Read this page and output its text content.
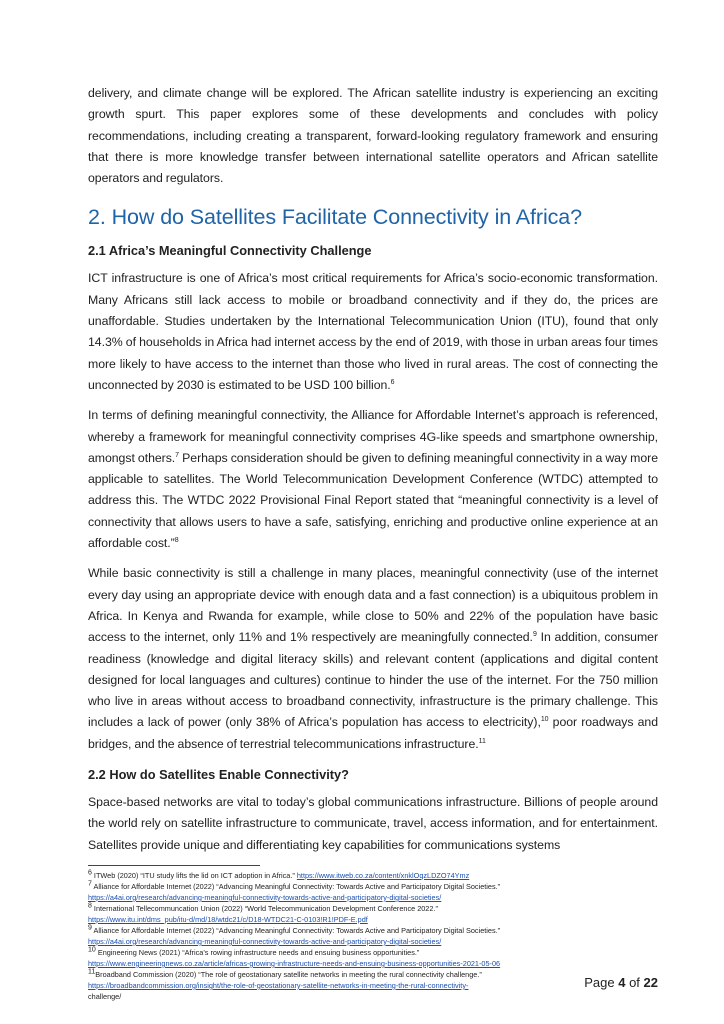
delivery, and climate change will be explored. The African satellite industry is experiencing an exciting growth spurt. This paper explores some of these developments and concludes with policy recommendations, including creating a transparent, forward-looking regulatory framework and ensuring that there is more knowledge transfer between international satellite operators and African satellite operators and regulators.

2. How do Satellites Facilitate Connectivity in Africa?
2.1 Africa’s Meaningful Connectivity Challenge

ICT infrastructure is one of Africa’s most critical requirements for Africa’s socio-economic transformation. Many Africans still lack access to mobile or broadband connectivity and if they do, the prices are unaffordable. Studies undertaken by the International Telecommunication Union (ITU), found that only 14.3% of households in Africa had internet access by the end of 2019, with those in urban areas four times more likely to have access to the internet than those who lived in rural areas. The cost of connecting the unconnected by 2030 is estimated to be USD 100 billion.$^6$

In terms of defining meaningful connectivity, the Alliance for Affordable Internet’s approach is referenced, whereby a framework for meaningful connectivity comprises 4G-like speeds and smartphone ownership, amongst others.$^7$ Perhaps consideration should be given to defining meaningful connectivity in a way more applicable to satellites. The World Telecommunication Development Conference (WTDC) attempted to address this. The WTDC 2022 Provisional Final Report stated that “meaningful connectivity is a level of connectivity that allows users to have a safe, satisfying, enriching and productive online experience at an affordable cost.”$^8$

While basic connectivity is still a challenge in many places, meaningful connectivity (use of the internet every day using an appropriate device with enough data and a fast connection) is a ubiquitous problem in Africa. In Kenya and Rwanda for example, while close to 50% and 22% of the population have basic access to the internet, only 11% and 1% respectively are meaningfully connected.$^9$ In addition, consumer readiness (knowledge and digital literacy skills) and relevant content (applications and digital content designed for local languages and cultures) continue to hinder the use of the internet. For the 750 million who live in areas without access to broadband connectivity, infrastructure is the primary challenge. This includes a lack of power (only 38% of Africa’s population has access to electricity),$^{10}$ poor roadways and bridges, and the absence of terrestrial telecommunications infrastructure.$^{11}$

2.2 How do Satellites Enable Connectivity?

Space-based networks are vital to today’s global communications infrastructure. Billions of people around the world rely on satellite infrastructure to communicate, travel, access information, and for entertainment. Satellites provide unique and differentiating key capabilities for communications systems

$^6$ ITWeb (2020) “ITU study lifts the lid on ICT adoption in Africa.” https://www.itweb.co.za/content/xnklOqzLDZO74Ymz
$^7$ Alliance for Affordable Internet (2022) “Advancing Meaningful Connectivity: Towards Active and Participatory Digital Societies.”
https://a4ai.org/research/advancing-meaningful-connectivity-towards-active-and-participatory-digital-societies/
$^8$ International Tellecommuncation Union (2022) “World Telecommunication Development Conference 2022.”
https://www.itu.int/dms_pub/itu-d/md/18/wtdc21/c/D18-WTDC21-C-0103!R1!PDF-E.pdf
$^9$ Alliance for Affordable Internet (2022) “Advancing Meaningful Connectivity: Towards Active and Participatory Digital Societies.”
https://a4ai.org/research/advancing-meaningful-connectivity-towards-active-and-participatory-digital-societies/
$^{10}$ Engineering News (2021) “Africa’s rowing infrastructure needs and ensuing business opportunities.”
https://www.engineeringnews.co.za/article/africas-growing-infrastructure-needs-and-ensuing-business-opportunities-2021-05-06
$^{11}$Broadband Commission (2020) “The role of geostationary satellite networks in meeting the rural connectivity challenge.”
https://broadbandcommission.org/insight/the-role-of-geostationary-satellite-networks-in-meeting-the-rural-connectivity-
challenge/
Page 4 of 22
